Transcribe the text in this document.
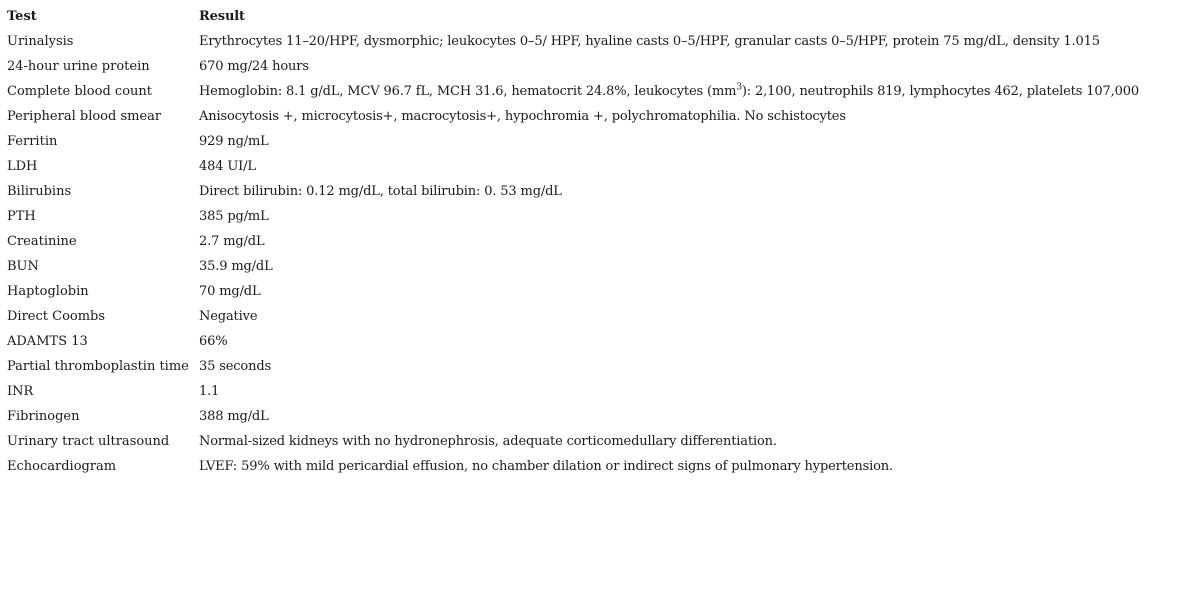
Test	Result
Urinalysis	Erythrocytes 11–20/HPF, dysmorphic; leukocytes 0–5/ HPF, hyaline casts 0–5/HPF, granular casts 0–5/HPF, protein 75 mg/dL, density 1.015
24-hour urine protein	670 mg/24 hours
Complete blood count	Hemoglobin: 8.1 g/dL, MCV 96.7 fL, MCH 31.6, hematocrit 24.8%, leukocytes $(mm^3)$: 2,100, neutrophils 819, lymphocytes 462, platelets 107,000
Peripheral blood smear	Anisocytosis +, microcytosis+, macrocytosis+, hypochromia +, polychromatophilia. No schistocytes
Ferritin	929 ng/mL
LDH	484 UI/L
Bilirubins	Direct bilirubin: 0.12 mg/dL, total bilirubin: 0. 53 mg/dL
PTH	385 pg/mL
Creatinine	2.7 mg/dL
BUN	35.9 mg/dL
Haptoglobin	70 mg/dL
Direct Coombs	Negative
ADAMTS 13	66%
Partial thromboplastin time	35 seconds
INR	1.1
Fibrinogen	388 mg/dL
Urinary tract ultrasound	Normal-sized kidneys with no hydronephrosis, adequate corticomedullary differentiation.
Echocardiogram	LVEF: 59% with mild pericardial effusion, no chamber dilation or indirect signs of pulmonary hypertension.
